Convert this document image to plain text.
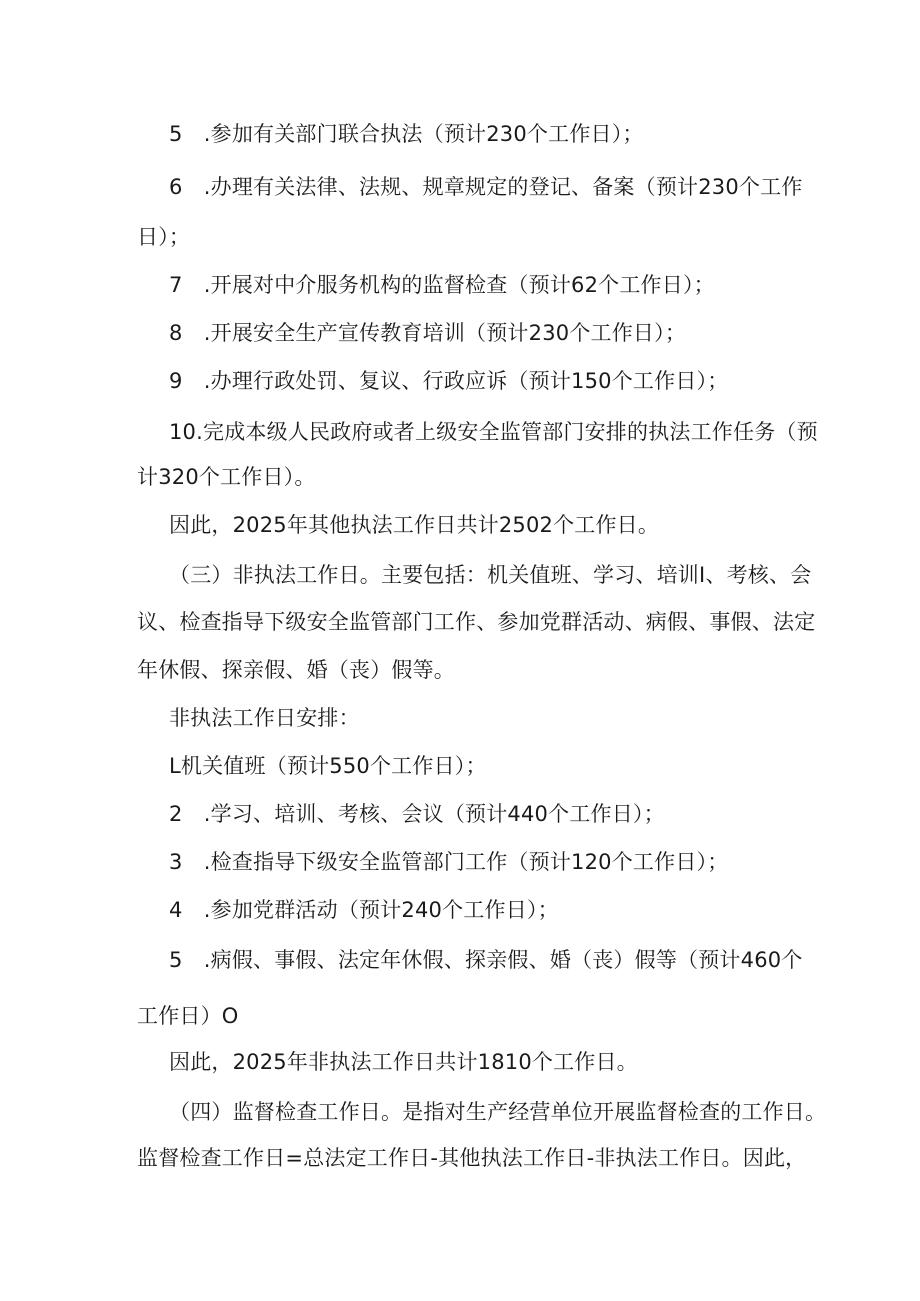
5　.参加有关部门联合执法（预计230个工作日）；
6　.办理有关法律、法规、规章规定的登记、备案（预计230个工作
日）；
7　.开展对中介服务机构的监督检查（预计62个工作日）；
8　.开展安全生产宣传教育培训（预计230个工作日）；
9　.办理行政处罚、复议、行政应诉（预计150个工作日）；
10.完成本级人民政府或者上级安全监管部门安排的执法工作任务（预
计320个工作日）。
因此，2025年其他执法工作日共计2502个工作日。
（三）非执法工作日。主要包括：机关值班、学习、培训I、考核、会
议、检查指导下级安全监管部门工作、参加党群活动、病假、事假、法定
年休假、探亲假、婚（丧）假等。
非执法工作日安排：
L机关值班（预计550个工作日）；
2　.学习、培训、考核、会议（预计440个工作日）；
3　.检查指导下级安全监管部门工作（预计120个工作日）；
4　.参加党群活动（预计240个工作日）；
5　.病假、事假、法定年休假、探亲假、婚（丧）假等（预计460个
工作日）O
因此，2025年非执法工作日共计1810个工作日。
（四）监督检查工作日。是指对生产经营单位开展监督检查的工作日。
监督检查工作日=总法定工作日-其他执法工作日-非执法工作日。因此，
